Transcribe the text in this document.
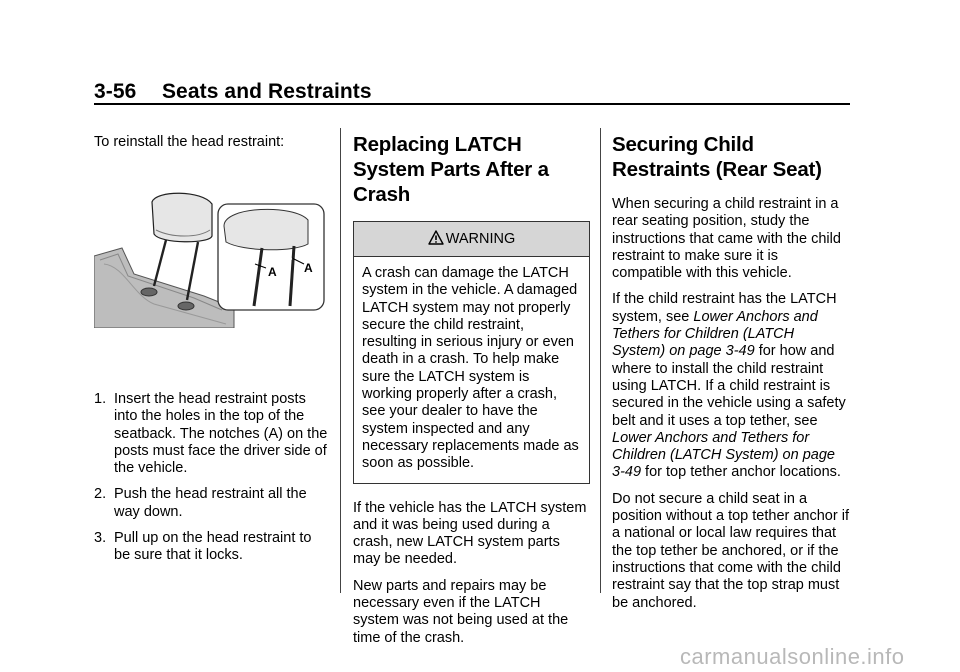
3-56 Seats and Restraints

To reinstall the head restraint:

A A
1. Insert the head restraint posts into the holes in the top of the seatback. The notches (A) on the posts must face the driver side of the vehicle.
2. Push the head restraint all the way down.
3. Pull up on the head restraint to be sure that it locks.
Replacing LATCH System Parts After a Crash
WARNING
A crash can damage the LATCH system in the vehicle. A damaged LATCH system may not properly secure the child restraint, resulting in serious injury or even death in a crash. To help make sure the LATCH system is working properly after a crash, see your dealer to have the system inspected and any necessary replacements made as soon as possible.

If the vehicle has the LATCH system and it was being used during a crash, new LATCH system parts may be needed.

New parts and repairs may be necessary even if the LATCH system was not being used at the time of the crash.

Securing Child Restraints (Rear Seat)

When securing a child restraint in a rear seating position, study the instructions that came with the child restraint to make sure it is compatible with this vehicle.

If the child restraint has the LATCH system, see Lower Anchors and Tethers for Children (LATCH System) on page 3-49 for how and where to install the child restraint using LATCH. If a child restraint is secured in the vehicle using a safety belt and it uses a top tether, see Lower Anchors and Tethers for Children (LATCH System) on page 3-49 for top tether anchor locations.

Do not secure a child seat in a position without a top tether anchor if a national or local law requires that the top tether be anchored, or if the instructions that come with the child restraint say that the top strap must be anchored.

carmanualsonline.info
